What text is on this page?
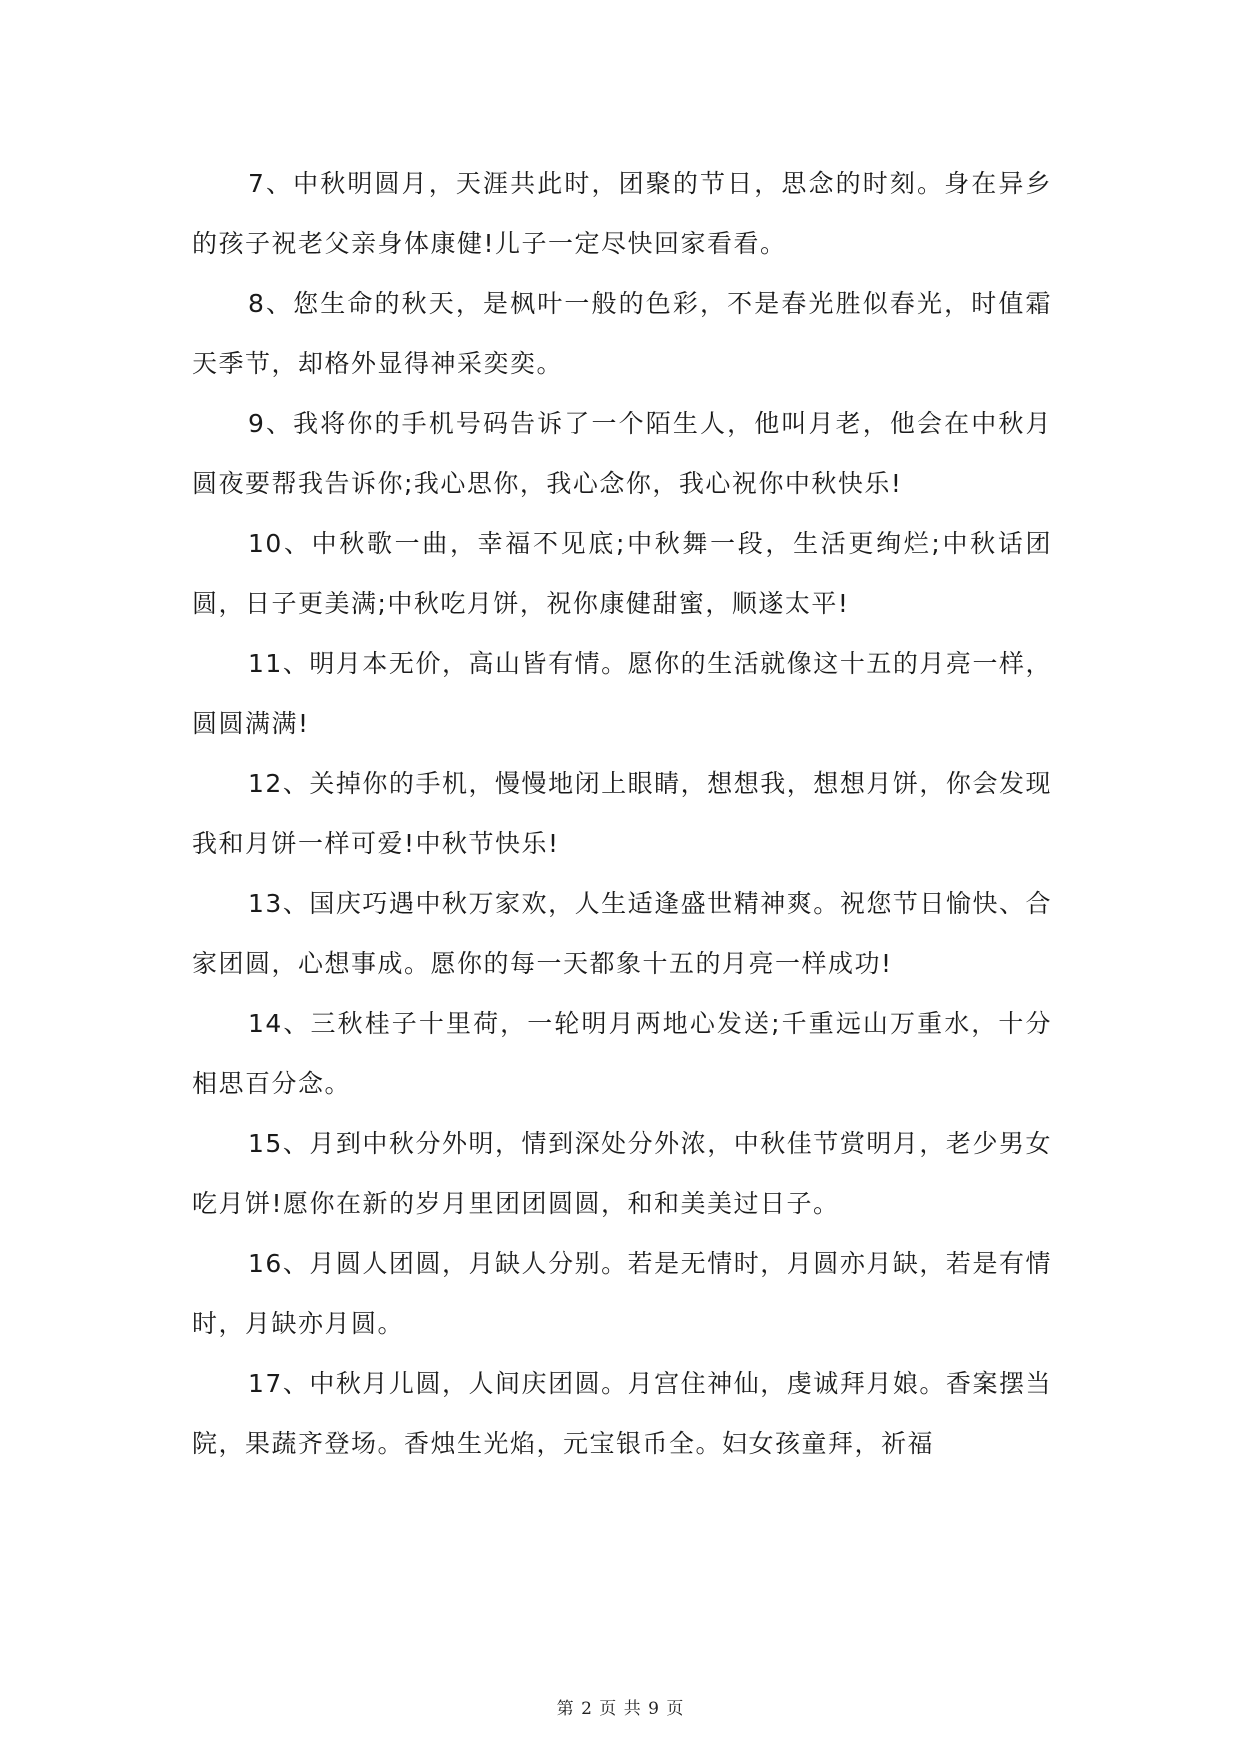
7、中秋明圆月，天涯共此时，团聚的节日，思念的时刻。身在异乡的孩子祝老父亲身体康健!儿子一定尽快回家看看。

8、您生命的秋天，是枫叶一般的色彩，不是春光胜似春光，时值霜天季节，却格外显得神采奕奕。

9、我将你的手机号码告诉了一个陌生人，他叫月老，他会在中秋月圆夜要帮我告诉你;我心思你，我心念你，我心祝你中秋快乐!

10、中秋歌一曲，幸福不见底;中秋舞一段，生活更绚烂;中秋话团圆，日子更美满;中秋吃月饼，祝你康健甜蜜，顺遂太平!

11、明月本无价，高山皆有情。愿你的生活就像这十五的月亮一样，圆圆满满!

12、关掉你的手机，慢慢地闭上眼睛，想想我，想想月饼，你会发现我和月饼一样可爱!中秋节快乐!

13、国庆巧遇中秋万家欢，人生适逢盛世精神爽。祝您节日愉快、合家团圆，心想事成。愿你的每一天都象十五的月亮一样成功!

14、三秋桂子十里荷，一轮明月两地心发送;千重远山万重水，十分相思百分念。

15、月到中秋分外明，情到深处分外浓，中秋佳节赏明月，老少男女吃月饼!愿你在新的岁月里团团圆圆，和和美美过日子。

16、月圆人团圆，月缺人分别。若是无情时，月圆亦月缺，若是有情时，月缺亦月圆。

17、中秋月儿圆，人间庆团圆。月宫住神仙，虔诚拜月娘。香案摆当院，果蔬齐登场。香烛生光焰，元宝银币全。妇女孩童拜，祈福

第 2 页 共 9 页
